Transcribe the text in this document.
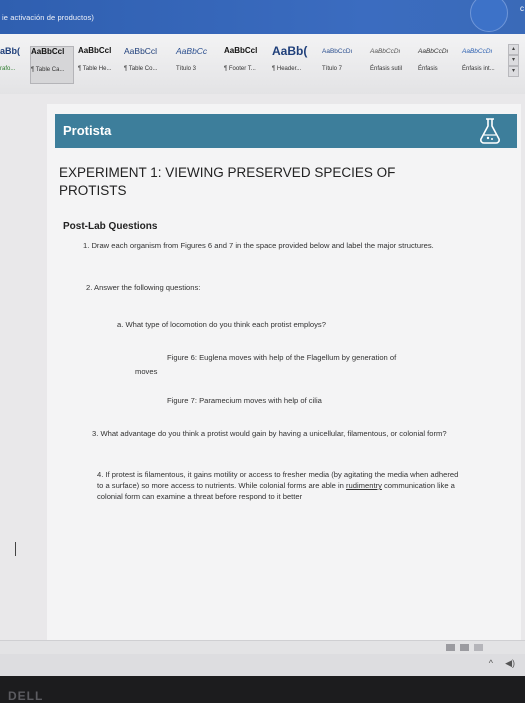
ie activación de productos)
c
aBb(
rafo...
AaBbCcl
¶ Table Ca...
AaBbCcl
¶ Table He...
AaBbCcl
¶ Table Co...
AaBbCc
Título 3
AaBbCcl
¶ Footer T...
AaBb(
¶ Header...
AaBbCcDı
Título 7
AaBbCcDı
Énfasis sutil
AaBbCcDı
Énfasis
AaBbCcDı
Énfasis int...
▴
▾
▾
Protista
EXPERIMENT 1: VIEWING PRESERVED SPECIES OF PROTISTS
Post-Lab Questions
1. Draw each organism from Figures 6 and 7 in the space provided below and label the major structures.
2. Answer the following questions:
a. What type of locomotion do you think each protist employs?
Figure 6: Euglena moves with help of the Flagellum by generation of
moves
Figure 7: Paramecium moves with help of cilia
3. What advantage do you think a protist would gain by having a unicellular, filamentous, or colonial form?
4. If protest is filamentous, it gains motility or access to fresher media (by agitating the media when adhered to a surface) so more access to nutrients. While colonial forms are able in rudimentry communication like a colonial form can examine a threat before respond to it better
^ ◀)
DELL
